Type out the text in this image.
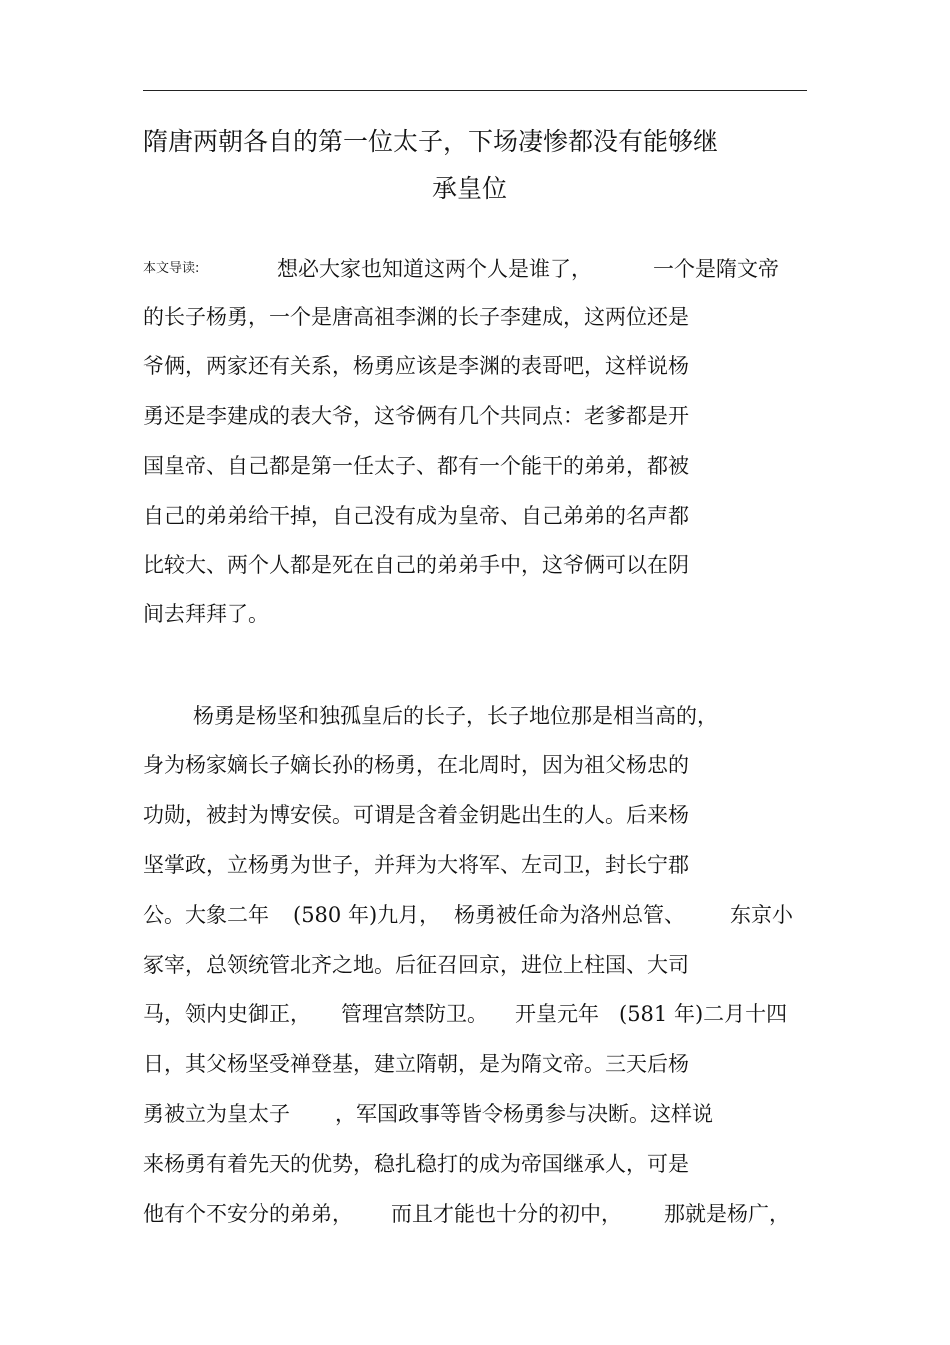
隋唐两朝各自的第一位太子，下场凄惨都没有能够继
承皇位
本文导读:	想必大家也知道这两个人是谁了，	一个是隋文帝
的长子杨勇，一个是唐高祖李渊的长子李建成，这两位还是
爷俩，两家还有关系，杨勇应该是李渊的表哥吧，这样说杨
勇还是李建成的表大爷，这爷俩有几个共同点：老爹都是开
国皇帝、自己都是第一任太子、都有一个能干的弟弟，都被
自己的弟弟给干掉，自己没有成为皇帝、自己弟弟的名声都
比较大、两个人都是死在自己的弟弟手中，这爷俩可以在阴
间去拜拜了。
杨勇是杨坚和独孤皇后的长子，长子地位那是相当高的，
身为杨家嫡长子嫡长孙的杨勇，在北周时，因为祖父杨忠的
功勋，被封为博安侯。可谓是含着金钥匙出生的人。后来杨
坚掌政，立杨勇为世子，并拜为大将军、左司卫，封长宁郡
公。大象二年 (580 年)九月， 杨勇被任命为洛州总管、 东京小
冢宰，总领统管北齐之地。后征召回京，进位上柱国、大司
马，领内史御正， 管理宫禁防卫。 开皇元年 (581 年)二月十四
日，其父杨坚受禅登基，建立隋朝，是为隋文帝。三天后杨
勇被立为皇太子 ，军国政事等皆令杨勇参与决断。这样说
来杨勇有着先天的优势，稳扎稳打的成为帝国继承人，可是
他有个不安分的弟弟， 而且才能也十分的初中， 那就是杨广，
